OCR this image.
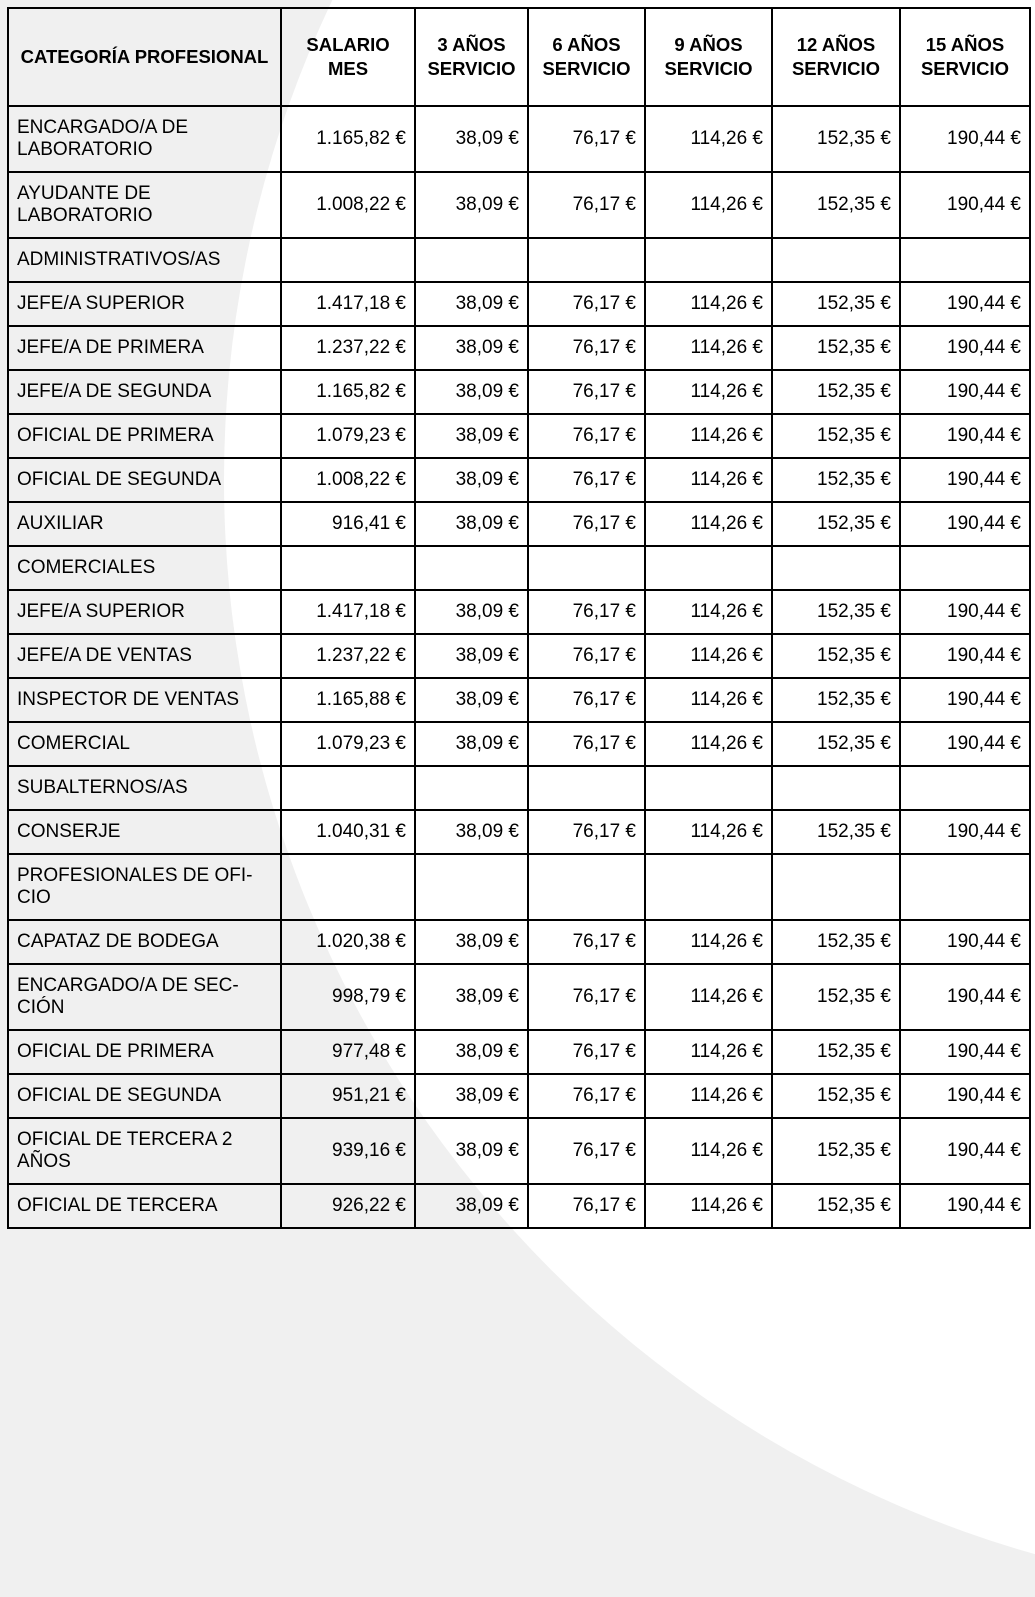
CATEGORÍA PROFESIONAL	SALARIO MES	3 AÑOS SERVICIO	6 AÑOS SERVICIO	9 AÑOS SERVICIO	12 AÑOS SERVICIO	15 AÑOS SERVICIO
ENCARGADO/A DE LABORATORIO	1.165,82 €	38,09 €	76,17 €	114,26 €	152,35 €	190,44 €
AYUDANTE DE LABORATORIO	1.008,22 €	38,09 €	76,17 €	114,26 €	152,35 €	190,44 €
ADMINISTRATIVOS/AS						
JEFE/A SUPERIOR	1.417,18 €	38,09 €	76,17 €	114,26 €	152,35 €	190,44 €
JEFE/A DE PRIMERA	1.237,22 €	38,09 €	76,17 €	114,26 €	152,35 €	190,44 €
JEFE/A DE SEGUNDA	1.165,82 €	38,09 €	76,17 €	114,26 €	152,35 €	190,44 €
OFICIAL DE PRIMERA	1.079,23 €	38,09 €	76,17 €	114,26 €	152,35 €	190,44 €
OFICIAL DE SEGUNDA	1.008,22 €	38,09 €	76,17 €	114,26 €	152,35 €	190,44 €
AUXILIAR	916,41 €	38,09 €	76,17 €	114,26 €	152,35 €	190,44 €
COMERCIALES						
JEFE/A SUPERIOR	1.417,18 €	38,09 €	76,17 €	114,26 €	152,35 €	190,44 €
JEFE/A DE VENTAS	1.237,22 €	38,09 €	76,17 €	114,26 €	152,35 €	190,44 €
INSPECTOR DE VENTAS	1.165,88 €	38,09 €	76,17 €	114,26 €	152,35 €	190,44 €
COMERCIAL	1.079,23 €	38,09 €	76,17 €	114,26 €	152,35 €	190,44 €
SUBALTERNOS/AS						
CONSERJE	1.040,31 €	38,09 €	76,17 €	114,26 €	152,35 €	190,44 €
PROFESIONALES DE OFI-CIO						
CAPATAZ DE BODEGA	1.020,38 €	38,09 €	76,17 €	114,26 €	152,35 €	190,44 €
ENCARGADO/A DE SEC-CIÓN	998,79 €	38,09 €	76,17 €	114,26 €	152,35 €	190,44 €
OFICIAL DE PRIMERA	977,48 €	38,09 €	76,17 €	114,26 €	152,35 €	190,44 €
OFICIAL DE SEGUNDA	951,21 €	38,09 €	76,17 €	114,26 €	152,35 €	190,44 €
OFICIAL DE TERCERA 2 AÑOS	939,16 €	38,09 €	76,17 €	114,26 €	152,35 €	190,44 €
OFICIAL DE TERCERA	926,22 €	38,09 €	76,17 €	114,26 €	152,35 €	190,44 €
